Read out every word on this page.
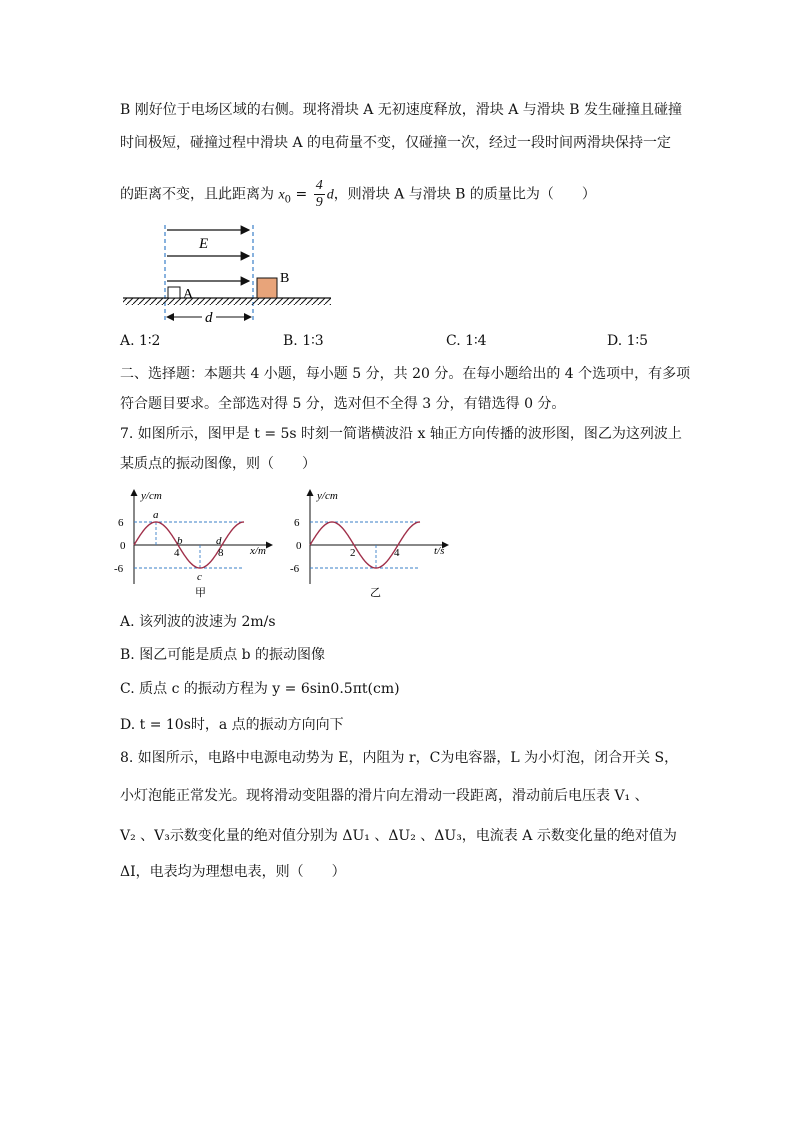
B 刚好位于电场区域的右侧。现将滑块 A 无初速度释放，滑块 A 与滑块 B 发生碰撞且碰撞
时间极短，碰撞过程中滑块 A 的电荷量不变，仅碰撞一次，经过一段时间两滑块保持一定
的距离不变，且此距离为 $x_0 = \frac{4}{9}$ d，则滑块 A 与滑块 B 的质量比为（　　）
E
A
B
d
A. 1∶2	B. 1∶3	C. 1∶4	D. 1∶5
二、选择题：本题共 4 小题，每小题 5 分，共 20 分。在每小题给出的 4 个选项中，有多项
符合题目要求。全部选对得 5 分，选对但不全得 3 分，有错选得 0 分。
7. 如图所示，图甲是 t = 5s 时刻一简谐横波沿 x 轴正方向传播的波形图，图乙为这列波上
某质点的振动图像，则（　　）
y/cm
x/m
6
0
-6
4	8
a
b
c
d
甲
y/cm
t/s
6
0
-6
2	4
乙
A. 该列波的波速为 2m/s
B. 图乙可能是质点 b 的振动图像
C. 质点 c 的振动方程为 y = 6sin0.5πt(cm)
D. t = 10s时，a 点的振动方向向下
8. 如图所示，电路中电源电动势为 E，内阻为 r，C为电容器，L 为小灯泡，闭合开关 S，
小灯泡能正常发光。现将滑动变阻器的滑片向左滑动一段距离，滑动前后电压表 V₁ 、
V₂ 、V₃示数变化量的绝对值分别为 ΔU₁ 、ΔU₂ 、ΔU₃，电流表 A 示数变化量的绝对值为
ΔI，电表均为理想电表，则（　　）
